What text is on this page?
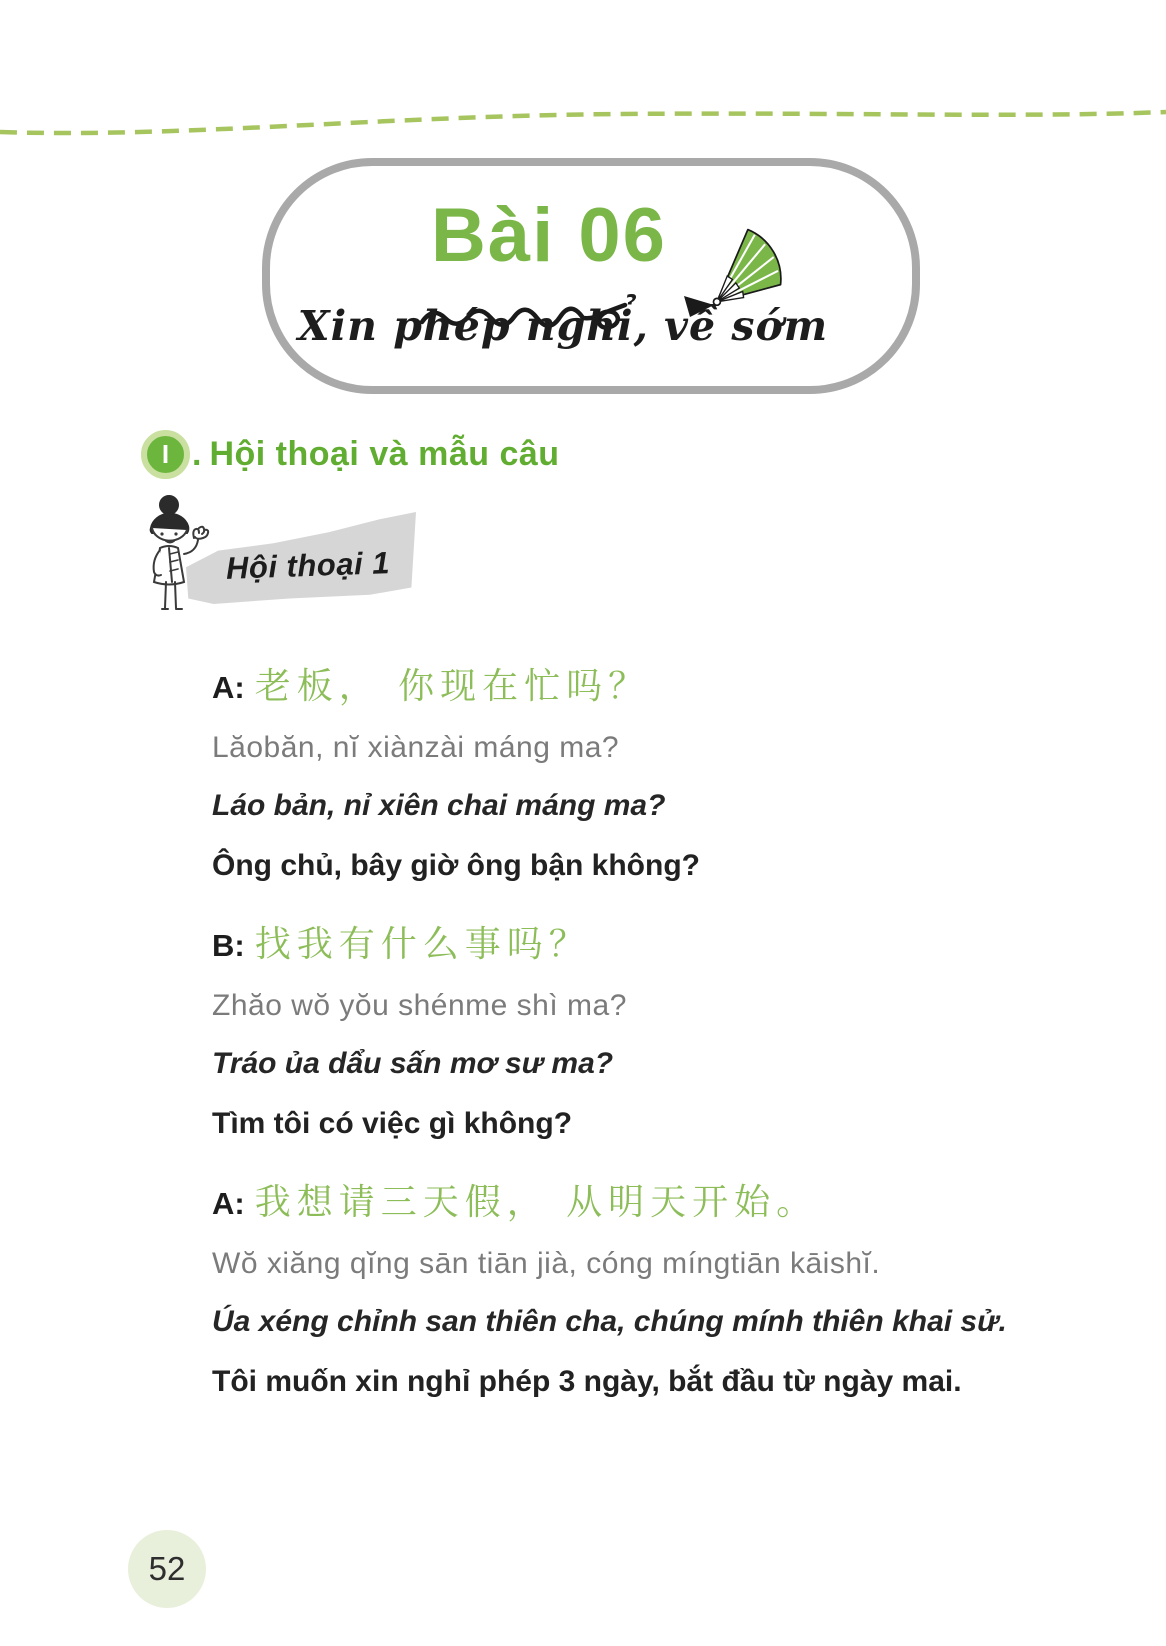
Bài 06
Xin phép nghỉ, về sớm
I . Hội thoại và mẫu câu
Hội thoại 1
A: 老板， 你现在忙吗？
Lăobăn, nĭ xiànzài máng ma?
Láo bản, nỉ xiên chai máng ma?
Ông chủ, bây giờ ông bận không?
B: 找我有什么事吗？
Zhăo wŏ yŏu shénme shì ma?
Tráo ủa dẩu sấn mơ sư ma?
Tìm tôi có việc gì không?
A: 我想请三天假， 从明天开始。
Wŏ xiăng qĭng sān tiān jià, cóng míngtiān kāishĭ.
Úa xéng chỉnh san thiên cha, chúng mính thiên khai sử.
Tôi muốn xin nghỉ phép 3 ngày, bắt đầu từ ngày mai.
52
